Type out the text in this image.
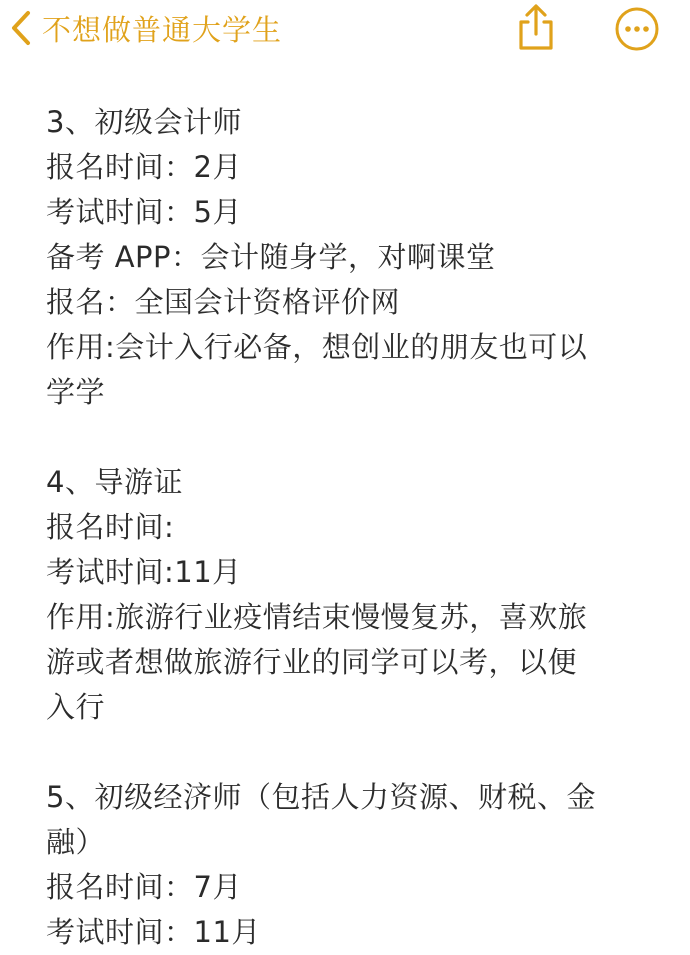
不想做普通大学生

3、初级会计师

报名时间：2月

考试时间：5月

备考 APP：会计随身学，对啊课堂

报名：全国会计资格评价网

作用:会计入行必备，想创业的朋友也可以

学学

4、导游证

报名时间:

考试时间:11月

作用:旅游行业疫情结束慢慢复苏，喜欢旅

游或者想做旅游行业的同学可以考，以便

入行

5、初级经济师（包括人力资源、财税、金

融）

报名时间：7月

考试时间：11月
